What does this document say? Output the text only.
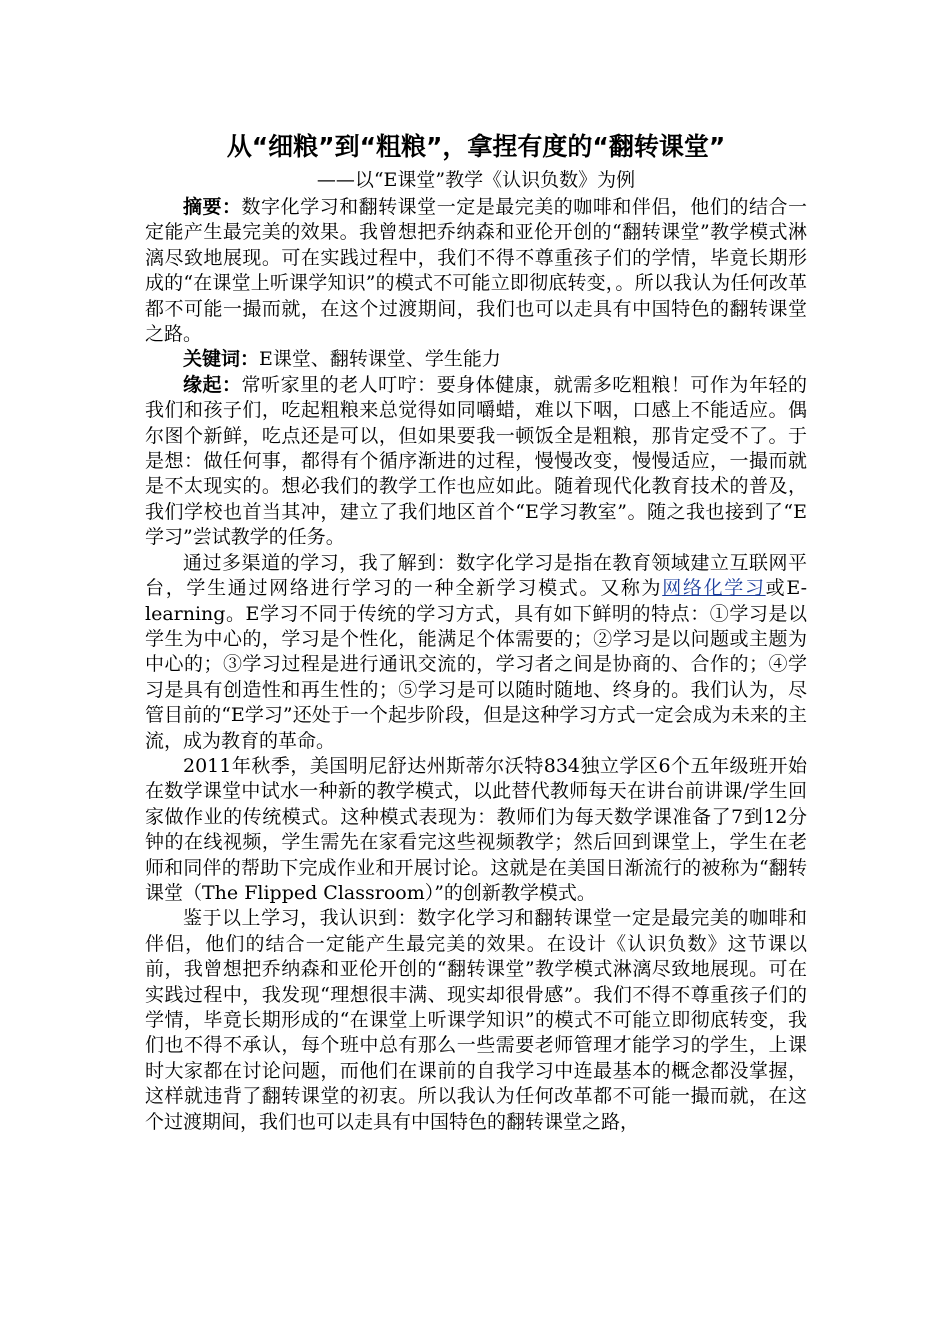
从“细粮”到“粗粮”，拿捏有度的“翻转课堂”
——以“E课堂”教学《认识负数》为例

摘要：数字化学习和翻转课堂一定是最完美的咖啡和伴侣，他们的结合一定能产生最完美的效果。我曾想把乔纳森和亚伦开创的“翻转课堂”教学模式淋漓尽致地展现。可在实践过程中，我们不得不尊重孩子们的学情，毕竟长期形成的“在课堂上听课学知识”的模式不可能立即彻底转变，。所以我认为任何改革都不可能一撮而就，在这个过渡期间，我们也可以走具有中国特色的翻转课堂之路。

关键词：E课堂、翻转课堂、学生能力

缘起：常听家里的老人叮咛：要身体健康，就需多吃粗粮！可作为年轻的我们和孩子们，吃起粗粮来总觉得如同嚼蜡，难以下咽，口感上不能适应。偶尔图个新鲜，吃点还是可以，但如果要我一顿饭全是粗粮，那肯定受不了。于是想：做任何事，都得有个循序渐进的过程，慢慢改变，慢慢适应，一撮而就是不太现实的。想必我们的教学工作也应如此。随着现代化教育技术的普及，我们学校也首当其冲，建立了我们地区首个“E学习教室”。随之我也接到了“E学习”尝试教学的任务。

通过多渠道的学习，我了解到：数字化学习是指在教育领域建立互联网平台，学生通过网络进行学习的一种全新学习模式。又称为网络化学习或E-learning。E学习不同于传统的学习方式，具有如下鲜明的特点：①学习是以学生为中心的，学习是个性化，能满足个体需要的；②学习是以问题或主题为中心的；③学习过程是进行通讯交流的，学习者之间是协商的、合作的；④学习是具有创造性和再生性的；⑤学习是可以随时随地、终身的。我们认为，尽管目前的“E学习”还处于一个起步阶段，但是这种学习方式一定会成为未来的主流，成为教育的革命。

2011年秋季，美国明尼舒达州斯蒂尔沃特834独立学区6个五年级班开始在数学课堂中试水一种新的教学模式，以此替代教师每天在讲台前讲课/学生回家做作业的传统模式。这种模式表现为：教师们为每天数学课准备了7到12分钟的在线视频，学生需先在家看完这些视频教学；然后回到课堂上，学生在老师和同伴的帮助下完成作业和开展讨论。这就是在美国日渐流行的被称为“翻转课堂（The Flipped Classroom）”的创新教学模式。

鉴于以上学习，我认识到：数字化学习和翻转课堂一定是最完美的咖啡和伴侣，他们的结合一定能产生最完美的效果。在设计《认识负数》这节课以前，我曾想把乔纳森和亚伦开创的“翻转课堂”教学模式淋漓尽致地展现。可在实践过程中，我发现“理想很丰满、现实却很骨感”。我们不得不尊重孩子们的学情，毕竟长期形成的“在课堂上听课学知识”的模式不可能立即彻底转变，我们也不得不承认，每个班中总有那么一些需要老师管理才能学习的学生，上课时大家都在讨论问题，而他们在课前的自我学习中连最基本的概念都没掌握，这样就违背了翻转课堂的初衷。所以我认为任何改革都不可能一撮而就，在这个过渡期间，我们也可以走具有中国特色的翻转课堂之路，
